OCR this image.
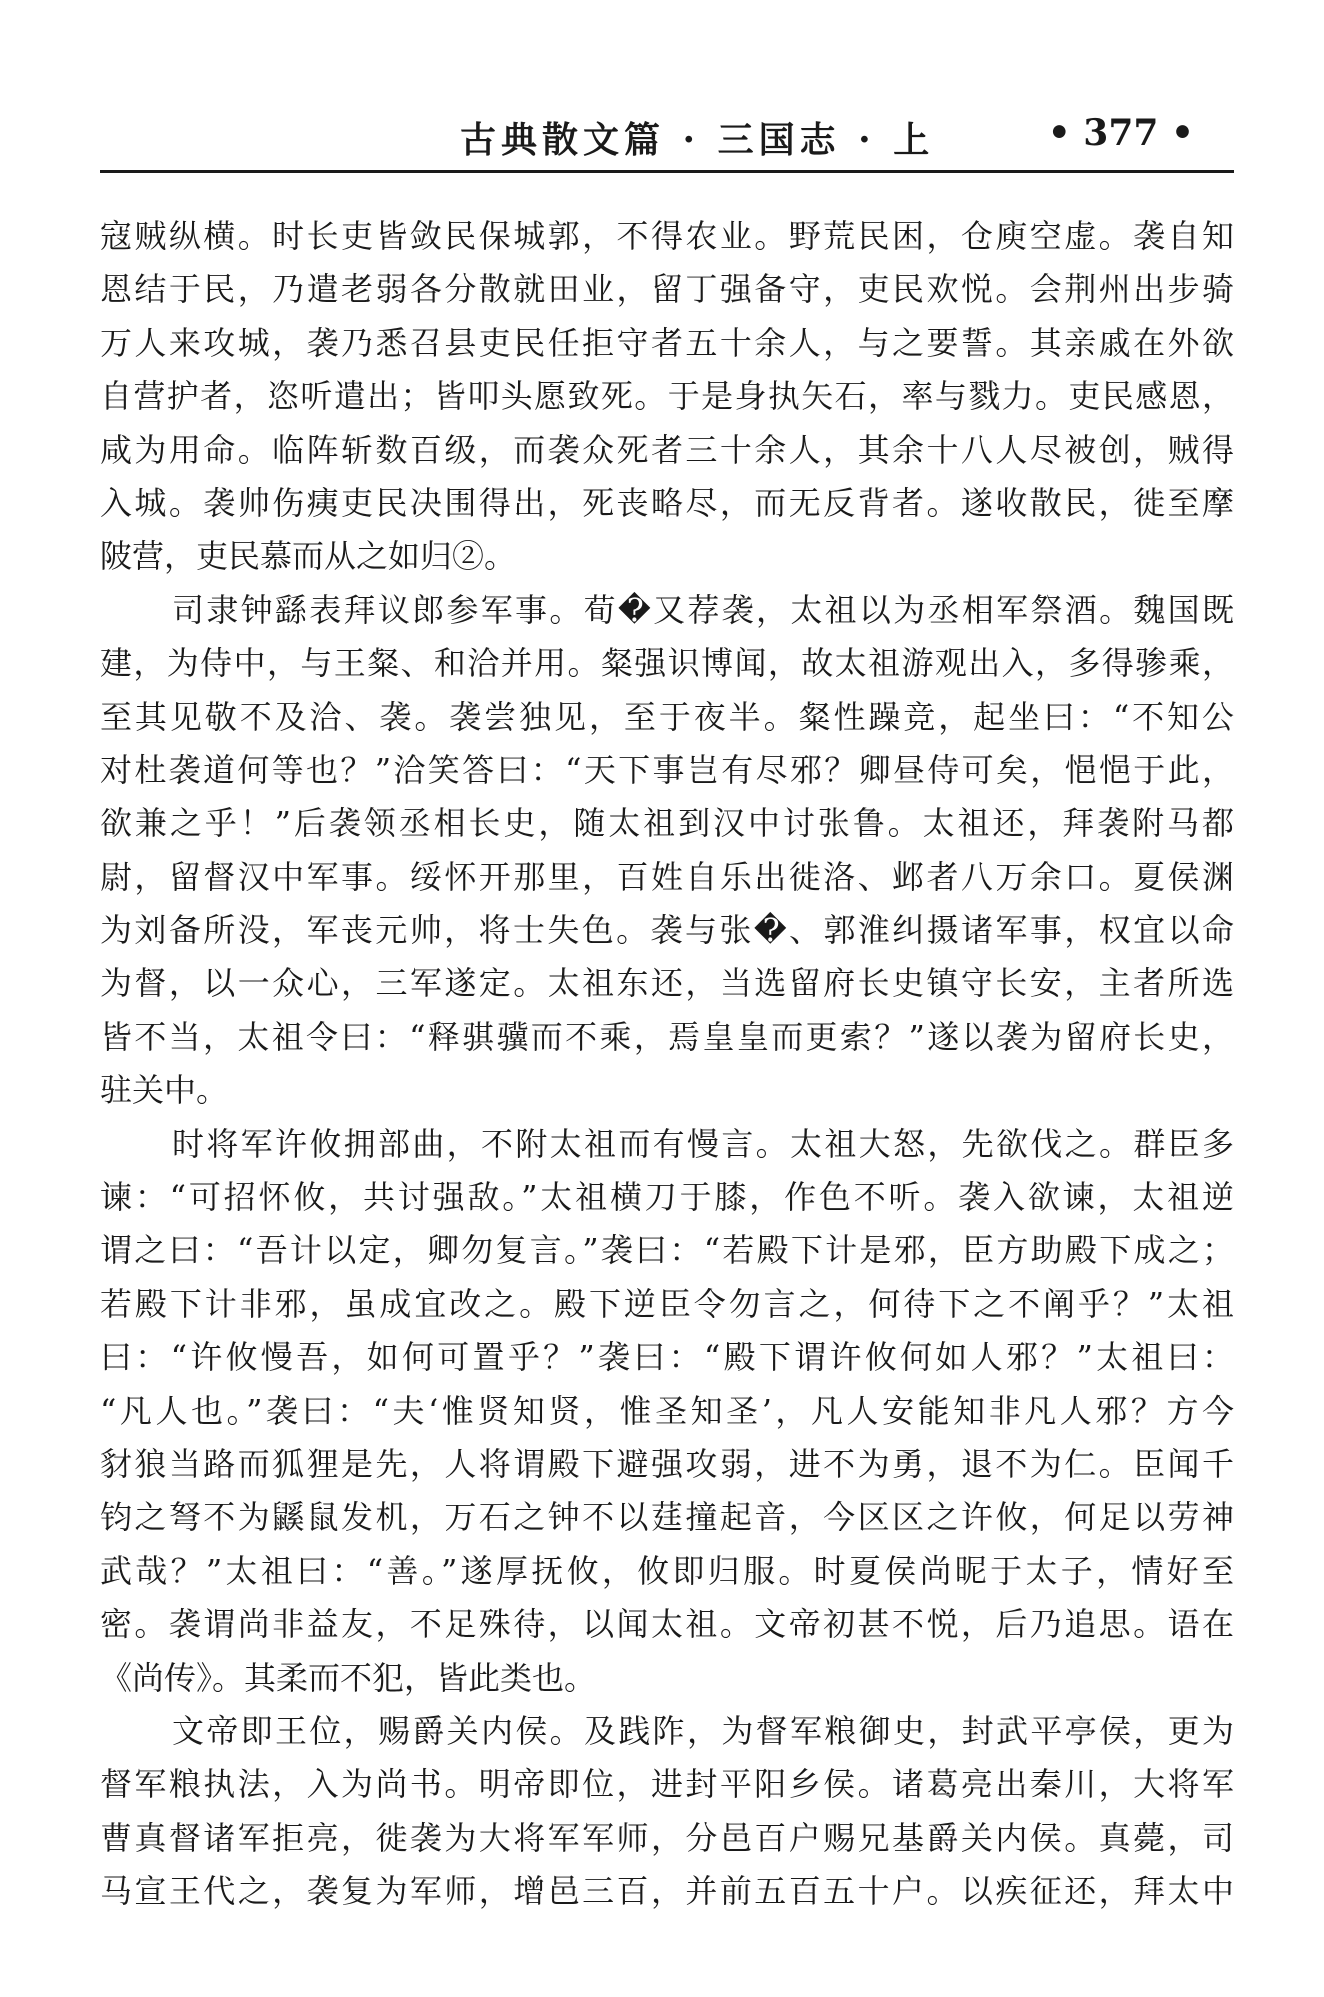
古典散文篇 · 三国志 · 上	• 377 •
寇贼纵横。时长吏皆敛民保城郭，不得农业。野荒民困，仓庾空虚。袭自知
恩结于民，乃遣老弱各分散就田业，留丁强备守，吏民欢悦。会荆州出步骑
万人来攻城，袭乃悉召县吏民任拒守者五十余人，与之要誓。其亲戚在外欲
自营护者，恣听遣出；皆叩头愿致死。于是身执矢石，率与戮力。吏民感恩，
咸为用命。临阵斩数百级，而袭众死者三十余人，其余十八人尽被创，贼得
入城。袭帅伤痍吏民决围得出，死丧略尽，而无反背者。遂收散民，徙至摩
陂营，吏民慕而从之如归②。
司隶钟繇表拜议郎参军事。荀�又荐袭，太祖以为丞相军祭酒。魏国既
建，为侍中，与王粲、和洽并用。粲强识博闻，故太祖游观出入，多得骖乘，
至其见敬不及洽、袭。袭尝独见，至于夜半。粲性躁竞，起坐曰：“不知公
对杜袭道何等也？”洽笑答曰：“天下事岂有尽邪？卿昼侍可矣，悒悒于此，
欲兼之乎！”后袭领丞相长史，随太祖到汉中讨张鲁。太祖还，拜袭附马都
尉，留督汉中军事。绥怀开那里，百姓自乐出徙洛、邺者八万余口。夏侯渊
为刘备所没，军丧元帅，将士失色。袭与张�、郭淮纠摄诸军事，权宜以命
为督，以一众心，三军遂定。太祖东还，当选留府长史镇守长安，主者所选
皆不当，太祖令曰：“释骐骥而不乘，焉皇皇而更索？”遂以袭为留府长史，
驻关中。
时将军许攸拥部曲，不附太祖而有慢言。太祖大怒，先欲伐之。群臣多
谏：“可招怀攸，共讨强敌。”太祖横刀于膝，作色不听。袭入欲谏，太祖逆
谓之曰：“吾计以定，卿勿复言。”袭曰：“若殿下计是邪，臣方助殿下成之；
若殿下计非邪，虽成宜改之。殿下逆臣令勿言之，何待下之不阐乎？”太祖
曰：“许攸慢吾，如何可置乎？”袭曰：“殿下谓许攸何如人邪？”太祖曰：
“凡人也。”袭曰：“夫‘惟贤知贤，惟圣知圣’，凡人安能知非凡人邪？方今
豺狼当路而狐狸是先，人将谓殿下避强攻弱，进不为勇，退不为仁。臣闻千
钧之弩不为鼷鼠发机，万石之钟不以莛撞起音，今区区之许攸，何足以劳神
武哉？”太祖曰：“善。”遂厚抚攸，攸即归服。时夏侯尚昵于太子，情好至
密。袭谓尚非益友，不足殊待，以闻太祖。文帝初甚不悦，后乃追思。语在
《尚传》。其柔而不犯，皆此类也。
文帝即王位，赐爵关内侯。及践阼，为督军粮御史，封武平亭侯，更为
督军粮执法，入为尚书。明帝即位，进封平阳乡侯。诸葛亮出秦川，大将军
曹真督诸军拒亮，徙袭为大将军军师，分邑百户赐兄基爵关内侯。真薨，司
马宣王代之，袭复为军师，增邑三百，并前五百五十户。以疾征还，拜太中
